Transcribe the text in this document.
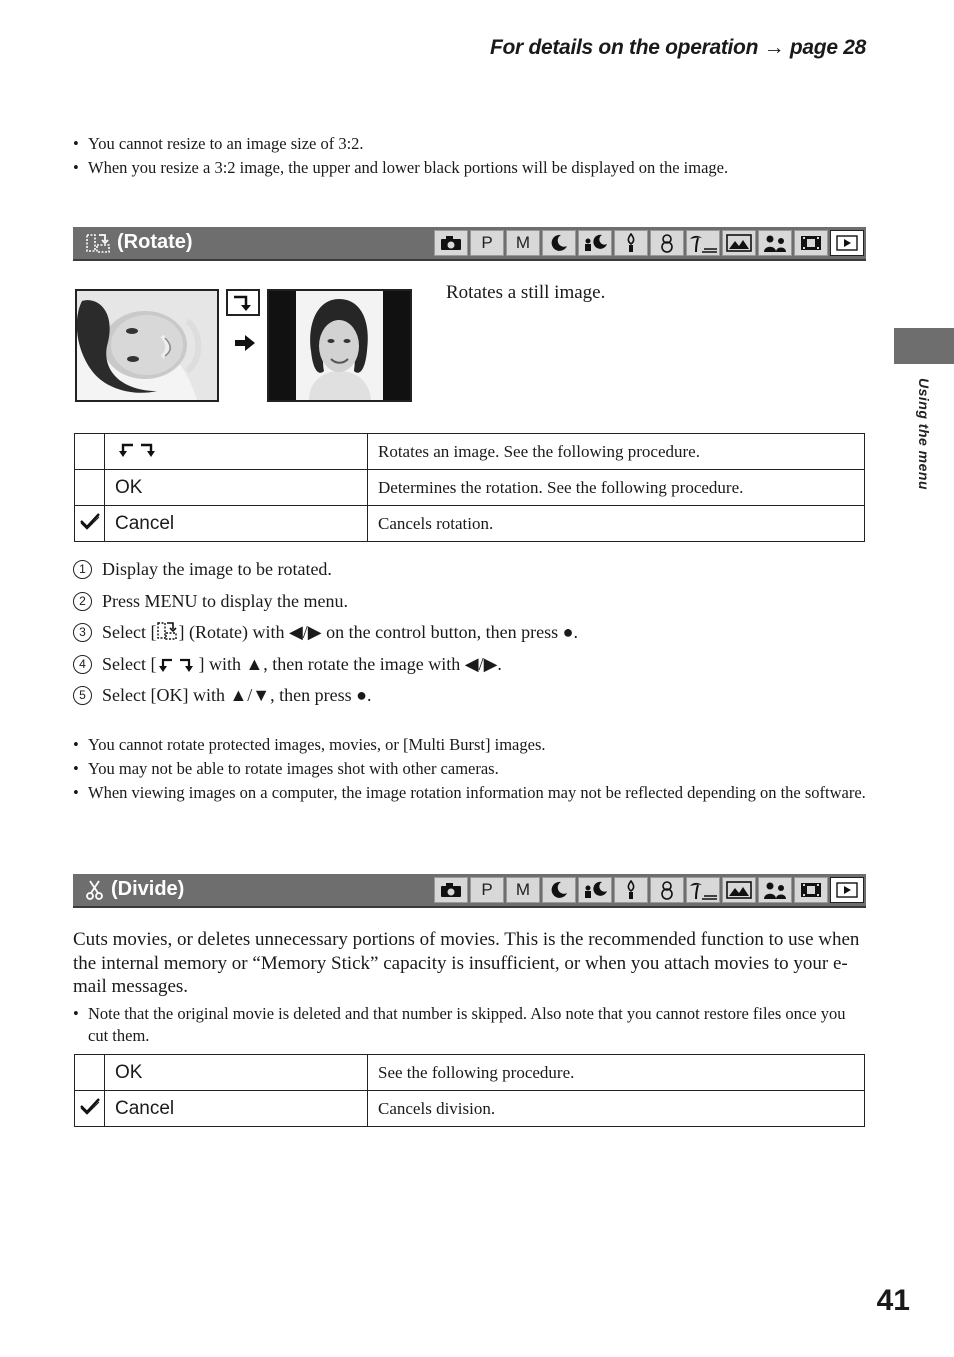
For details on the operation → page 28
• You cannot resize to an image size of 3:2.
• When you resize a 3:2 image, the upper and lower black portions will be displayed on the image.
(Rotate)	P	M
Rotates a still image.
		Rotates an image. See the following procedure.
	OK	Determines the rotation. See the following procedure.
	Cancel	Cancels rotation.
1 Display the image to be rotated.
2 Press MENU to display the menu.
3 Select [ ] (Rotate) with ◀/▶ on the control button, then press ●.
4 Select [ ] with ▲, then rotate the image with ◀/▶.
5 Select [OK] with ▲/▼, then press ●.
• You cannot rotate protected images, movies, or [Multi Burst] images.
• You may not be able to rotate images shot with other cameras.
• When viewing images on a computer, the image rotation information may not be reflected depending on the software.
(Divide)	P	M
Cuts movies, or deletes unnecessary portions of movies. This is the recommended function to use when the internal memory or “Memory Stick” capacity is insufficient, or when you attach movies to your e-mail messages.
• Note that the original movie is deleted and that number is skipped. Also note that you cannot restore files once you cut them.
	OK	See the following procedure.
	Cancel	Cancels division.
Using the menu
41
